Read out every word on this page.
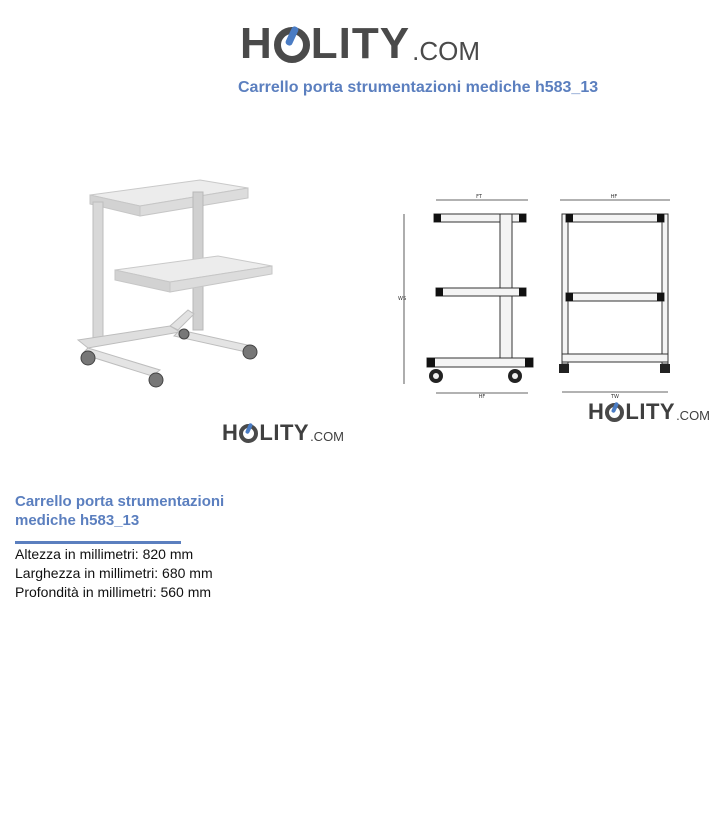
H LITY .COM
Carrello porta strumentazioni mediche h583_13
FT
WS
HF
HF
TW
H LITY .COM
H LITY .COM
Carrello porta strumentazioni
mediche h583_13
Altezza in millimetri: 820 mm
Larghezza in millimetri: 680 mm
Profondità in millimetri: 560 mm
